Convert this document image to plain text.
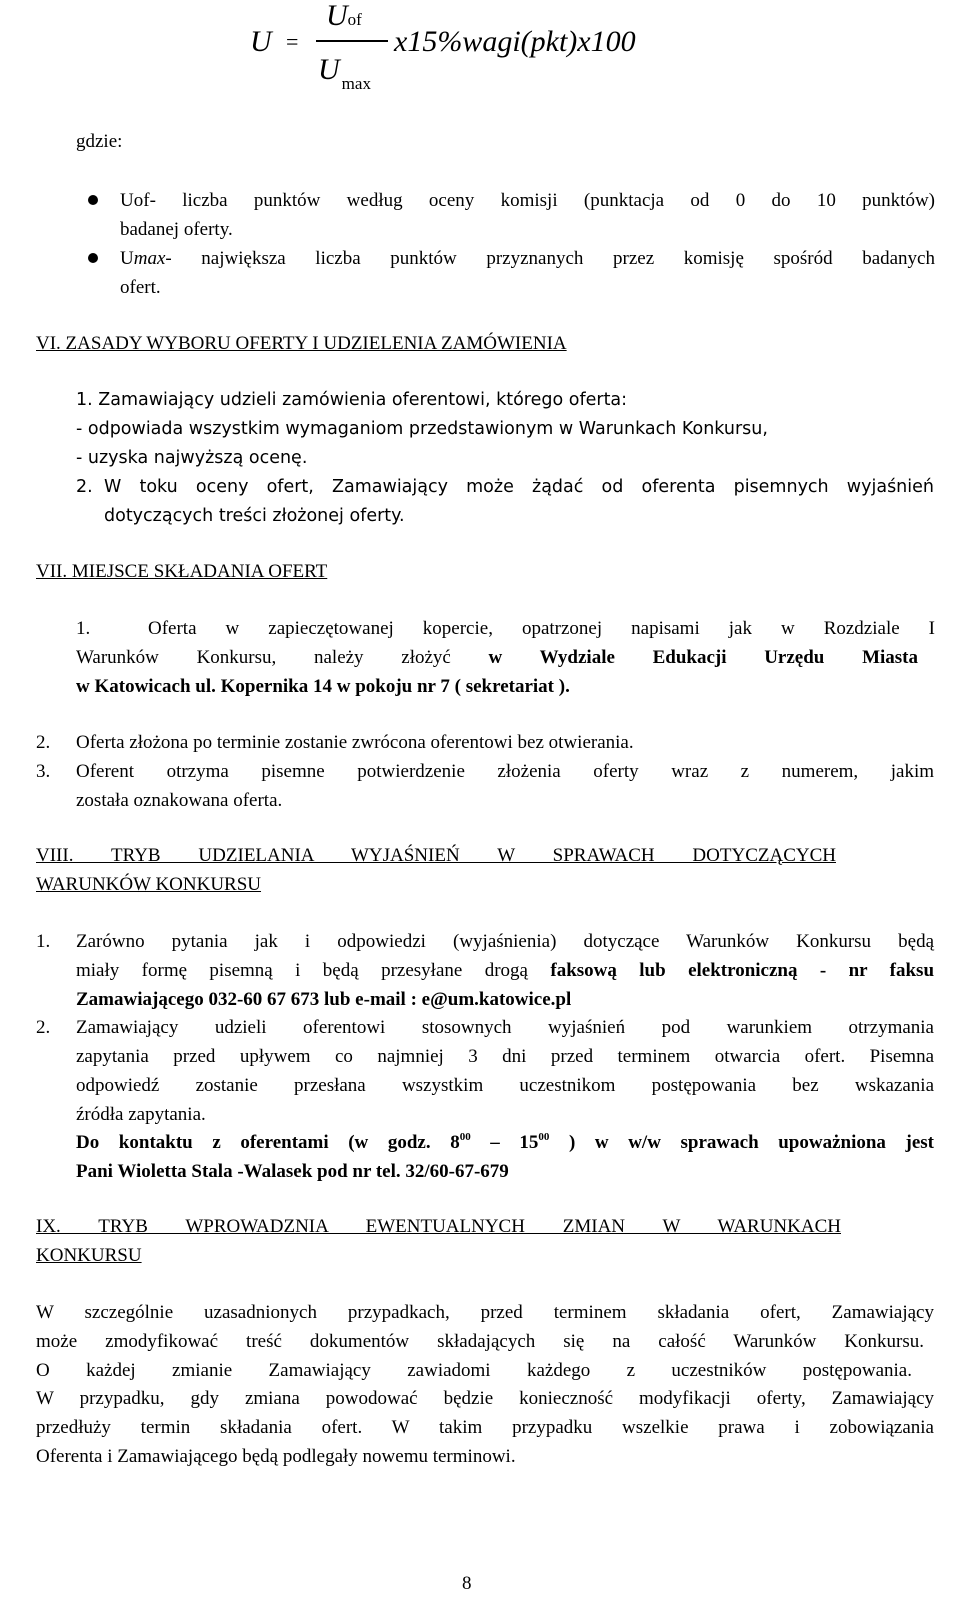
U =
Uof
U $_{max}$
x15%wagi(pkt)x100
gdzie:
Uof- liczba punktów według oceny komisji (punktacja od 0 do 10 punktów)
badanej oferty.
Umax- największa liczba punktów przyznanych przez komisję spośród badanych
ofert.
VI. ZASADY WYBORU OFERTY I UDZIELENIA ZAMÓWIENIA
1. Zamawiający udzieli zamówienia oferentowi, którego oferta:
- odpowiada wszystkim wymaganiom przedstawionym w Warunkach Konkursu,
- uzyska najwyższą ocenę.
2. W toku oceny ofert, Zamawiający może żądać od oferenta pisemnych wyjaśnień
dotyczących treści złożonej oferty.
VII. MIEJSCE SKŁADANIA OFERT
1.	Oferta w zapieczętowanej kopercie, opatrzonej napisami jak w Rozdziale I
Warunków Konkursu, należy złożyć w Wydziale Edukacji Urzędu Miasta
w Katowicach ul. Kopernika 14 w pokoju nr 7 ( sekretariat ).
2. Oferta złożona po terminie zostanie zwrócona oferentowi bez otwierania.
3. Oferent otrzyma pisemne potwierdzenie złożenia oferty wraz z numerem, jakim
została oznakowana oferta.
VIII. TRYB UDZIELANIA WYJAŚNIEŃ W SPRAWACH DOTYCZĄCYCH
WARUNKÓW KONKURSU
1. Zarówno pytania jak i odpowiedzi (wyjaśnienia) dotyczące Warunków Konkursu będą
miały formę pisemną i będą przesyłane drogą faksową lub elektroniczną - nr faksu
Zamawiającego 032-60 67 673 lub e-mail : e@um.katowice.pl
2. Zamawiający udzieli oferentowi stosownych wyjaśnień pod warunkiem otrzymania
zapytania przed upływem co najmniej 3 dni przed terminem otwarcia ofert. Pisemna
odpowiedź zostanie przesłana wszystkim uczestnikom postępowania bez wskazania
źródła zapytania.
Do kontaktu z oferentami (w godz. $8^{00} - 15^{00}$ ) w w/w sprawach upoważniona jest
Pani Wioletta Stala -Walasek pod nr tel. 32/60-67-679
IX. TRYB WPROWADZNIA EWENTUALNYCH ZMIAN W WARUNKACH
KONKURSU
W szczególnie uzasadnionych przypadkach, przed terminem składania ofert, Zamawiający
może zmodyfikować treść dokumentów składających się na całość Warunków Konkursu.
O każdej zmianie Zamawiający zawiadomi każdego z uczestników postępowania.
W przypadku, gdy zmiana powodować będzie konieczność modyfikacji oferty, Zamawiający
przedłuży termin składania ofert. W takim przypadku wszelkie prawa i zobowiązania
Oferenta i Zamawiającego będą podlegały nowemu terminowi.
8
